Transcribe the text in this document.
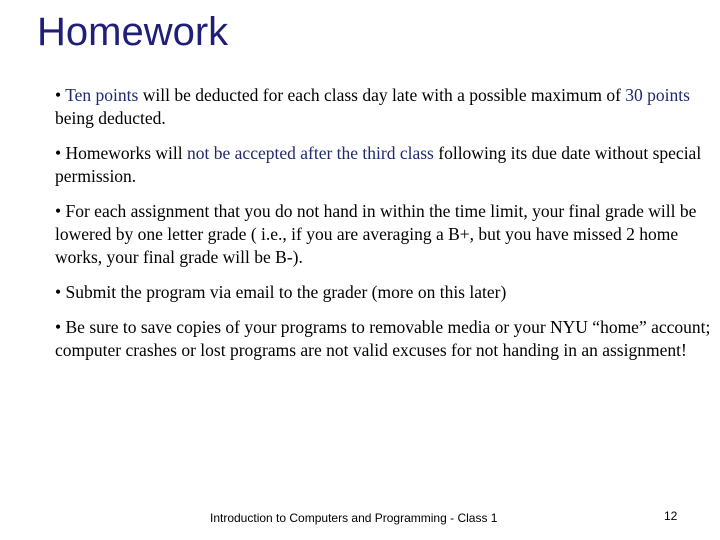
Homework

• Ten points will be deducted for each class day late with a possible maximum of 30 points being deducted.

• Homeworks will not be accepted after the third class following its due date without special permission.

• For each assignment that you do not hand in within the time limit, your final grade will be lowered by one letter grade ( i.e., if you are averaging a B+, but you have missed 2 home works, your final grade will be B-).

• Submit the program via email to the grader (more on this later)

• Be sure to save copies of your programs to removable media or your NYU “home” account; computer crashes or lost programs are not valid excuses for not handing in an assignment!

Introduction to Computers and Programming - Class 1	12
